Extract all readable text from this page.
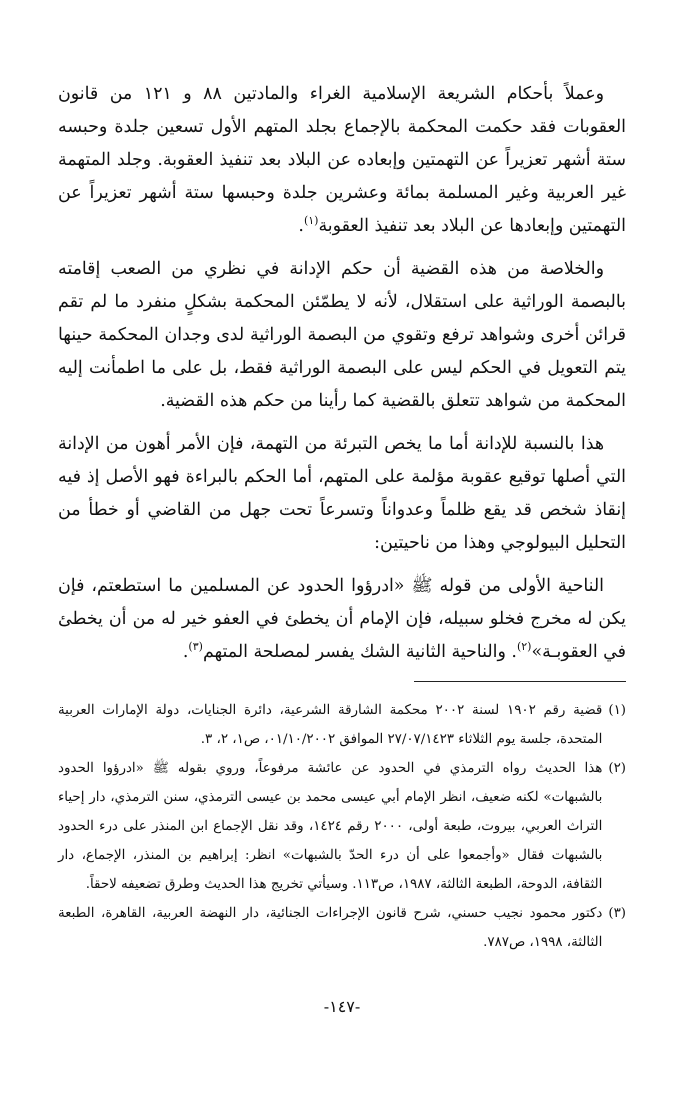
وعملاً بأحكام الشريعة الإسلامية الغراء والمادتين ٨٨ و ١٢١ من قانون العقوبات فقد حكمت المحكمة بالإجماع بجلد المتهم الأول تسعين جلدة وحبسه ستة أشهر تعزيراً عن التهمتين وإبعاده عن البلاد بعد تنفيذ العقوبة. وجلد المتهمة غير العربية وغير المسلمة بمائة وعشرين جلدة وحبسها ستة أشهر تعزيراً عن التهمتين وإبعادها عن البلاد بعد تنفيذ العقوبة$^{(١)}$.

والخلاصة من هذه القضية أن حكم الإدانة في نظري من الصعب إقامته بالبصمة الوراثية على استقلال، لأنه لا يطمّئن المحكمة بشكلٍ منفرد ما لم تقم قرائن أخرى وشواهد ترفع وتقوي من البصمة الوراثية لدى وجدان المحكمة حينها يتم التعويل في الحكم ليس على البصمة الوراثية فقط، بل على ما اطمأنت إليه المحكمة من شواهد تتعلق بالقضية كما رأينا من حكم هذه القضية.

هذا بالنسبة للإدانة أما ما يخص التبرئة من التهمة، فإن الأمر أهون من الإدانة التي أصلها توقيع عقوبة مؤلمة على المتهم، أما الحكم بالبراءة فهو الأصل إذ فيه إنقاذ شخص قد يقع ظلماً وعدواناً وتسرعاً تحت جهل من القاضي أو خطأ من التحليل البيولوجي وهذا من ناحيتين:

الناحية الأولى من قوله ﷺ «ادرؤوا الحدود عن المسلمين ما استطعتم، فإن يكن له مخرج فخلو سبيله، فإن الإمام أن يخطئ في العفو خير له من أن يخطئ في العقوبـة»$^{(٢)}$. والناحية الثانية الشك يفسر لمصلحة المتهم$^{(٣)}$.

(١)
قضية رقم ١٩٠٢ لسنة ٢٠٠٢ محكمة الشارقة الشرعية، دائرة الجنايات، دولة الإمارات العربية المتحدة، جلسة يوم الثلاثاء ٢٧/٠٧/١٤٢٣ الموافق ٠١/١٠/٢٠٠٢، ص١، ٢، ٣.
(٢)
هذا الحديث رواه الترمذي في الحدود عن عائشة مرفوعاً، وروي بقوله ﷺ «ادرؤوا الحدود بالشبهات» لكنه ضعيف، انظر الإمام أبي عيسى محمد بن عيسى الترمذي، سنن الترمذي، دار إحياء التراث العربي، بيروت، طبعة أولى، ٢٠٠٠ رقم ١٤٢٤، وقد نقل الإجماع ابن المنذر على درء الحدود بالشبهات فقال «وأجمعوا على أن درء الحدّ بالشبهات» انظر: إبراهيم بن المنذر، الإجماع، دار الثقافة، الدوحة، الطبعة الثالثة، ١٩٨٧، ص١١٣. وسيأتي تخريج هذا الحديث وطرق تضعيفه لاحقاً.
(٣)
دكتور محمود نجيب حسني، شرح قانون الإجراءات الجنائية، دار النهضة العربية، القاهرة، الطبعة الثالثة، ١٩٩٨، ص٧٨٧.
-١٤٧-
